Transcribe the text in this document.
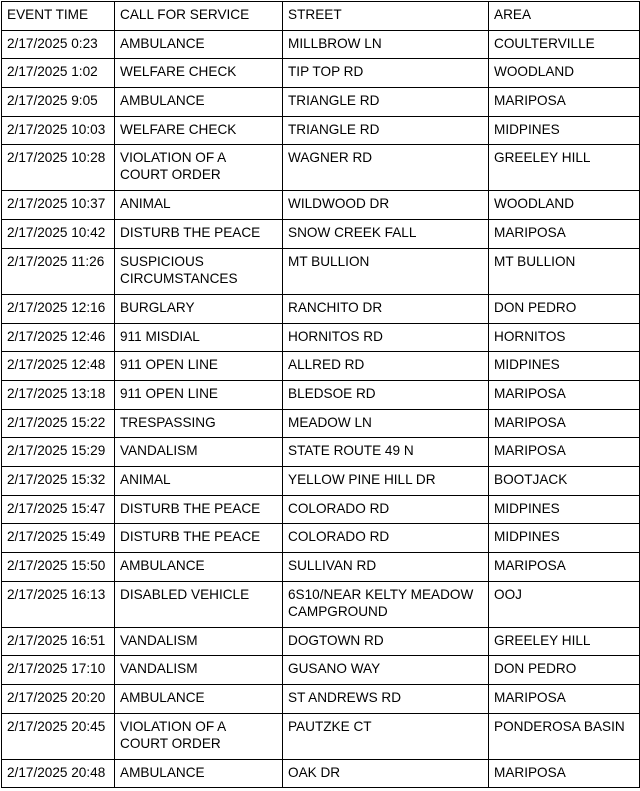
EVENT TIME	CALL FOR SERVICE	STREET	AREA
2/17/2025 0:23	AMBULANCE	MILLBROW LN	COULTERVILLE
2/17/2025 1:02	WELFARE CHECK	TIP TOP RD	WOODLAND
2/17/2025 9:05	AMBULANCE	TRIANGLE RD	MARIPOSA
2/17/2025 10:03	WELFARE CHECK	TRIANGLE RD	MIDPINES
2/17/2025 10:28	VIOLATION OF A COURT ORDER	WAGNER RD	GREELEY HILL
2/17/2025 10:37	ANIMAL	WILDWOOD DR	WOODLAND
2/17/2025 10:42	DISTURB THE PEACE	SNOW CREEK FALL	MARIPOSA
2/17/2025 11:26	SUSPICIOUS CIRCUMSTANCES	MT BULLION	MT BULLION
2/17/2025 12:16	BURGLARY	RANCHITO DR	DON PEDRO
2/17/2025 12:46	911 MISDIAL	HORNITOS RD	HORNITOS
2/17/2025 12:48	911 OPEN LINE	ALLRED RD	MIDPINES
2/17/2025 13:18	911 OPEN LINE	BLEDSOE RD	MARIPOSA
2/17/2025 15:22	TRESPASSING	MEADOW LN	MARIPOSA
2/17/2025 15:29	VANDALISM	STATE ROUTE 49 N	MARIPOSA
2/17/2025 15:32	ANIMAL	YELLOW PINE HILL DR	BOOTJACK
2/17/2025 15:47	DISTURB THE PEACE	COLORADO RD	MIDPINES
2/17/2025 15:49	DISTURB THE PEACE	COLORADO RD	MIDPINES
2/17/2025 15:50	AMBULANCE	SULLIVAN RD	MARIPOSA
2/17/2025 16:13	DISABLED VEHICLE	6S10/NEAR KELTY MEADOW CAMPGROUND	OOJ
2/17/2025 16:51	VANDALISM	DOGTOWN RD	GREELEY HILL
2/17/2025 17:10	VANDALISM	GUSANO WAY	DON PEDRO
2/17/2025 20:20	AMBULANCE	ST ANDREWS RD	MARIPOSA
2/17/2025 20:45	VIOLATION OF A COURT ORDER	PAUTZKE CT	PONDEROSA BASIN
2/17/2025 20:48	AMBULANCE	OAK DR	MARIPOSA
